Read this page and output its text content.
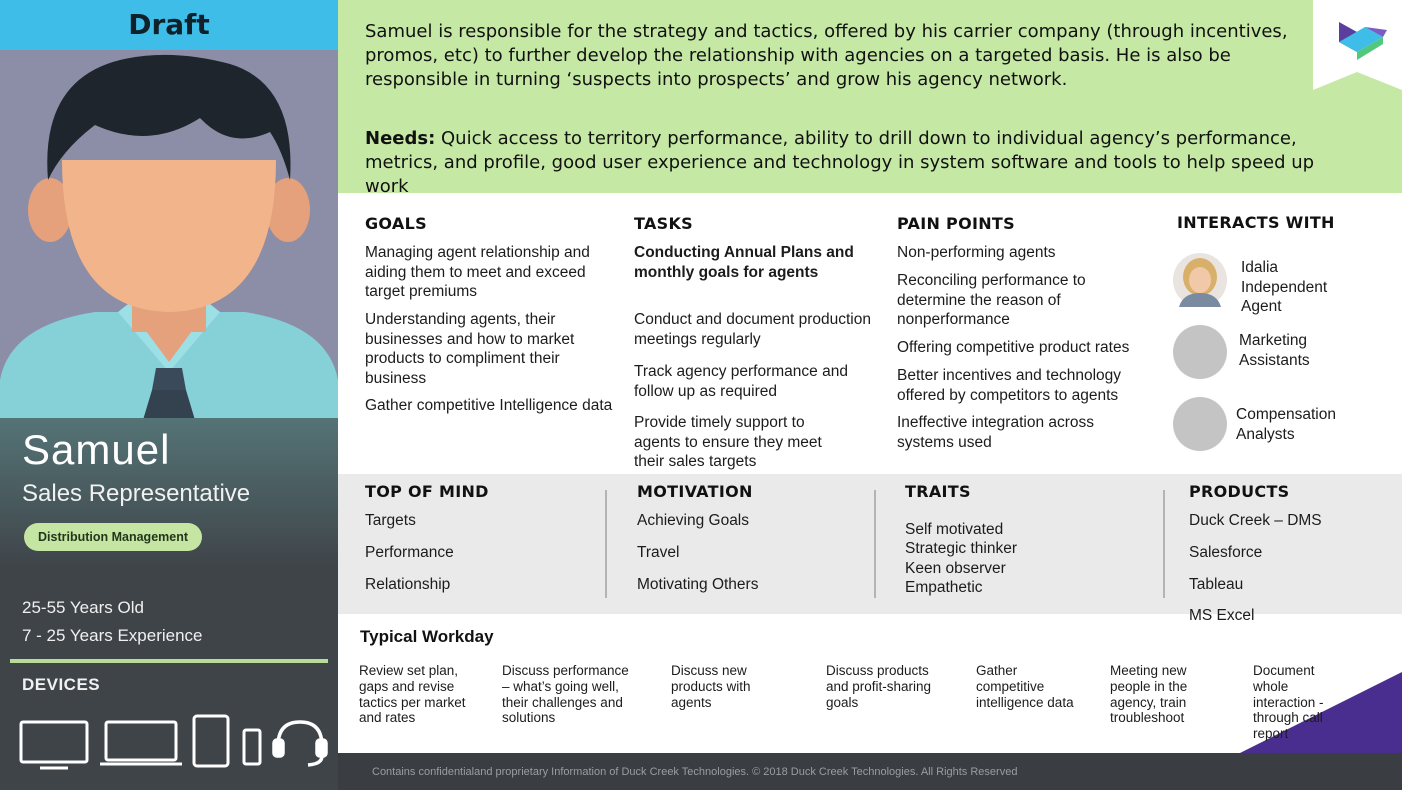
Draft
Samuel
Sales Representative
Distribution Management
25-55 Years Old
7 - 25 Years Experience
DEVICES
Samuel is responsible for the strategy and tactics, offered by his carrier company (through incentives, promos, etc) to further develop the relationship with agencies on a targeted basis. He is also be responsible in turning ‘suspects into prospects’ and grow his agency network.
Needs: Quick access to territory performance, ability to drill down to individual agency’s performance, metrics, and profile, good user experience and technology in system software and tools to help speed up work
GOALS
Managing agent relationship and aiding them to meet and exceed target premiums
Understanding agents, their businesses and how to market products to compliment their business
Gather competitive Intelligence data
TASKS
Conducting Annual Plans and monthly goals for agents
Conduct and document production meetings regularly
Track agency performance and follow up as required
Provide timely support to agents to ensure they meet their sales targets
PAIN POINTS
Non-performing agents
Reconciling performance to determine the reason of nonperformance
Offering competitive product rates
Better incentives and technology offered by competitors to agents
Ineffective integration across systems used
INTERACTS WITH
Idalia Independent Agent
Marketing Assistants
Compensation Analysts
TOP OF MIND
Targets
Performance
Relationship
MOTIVATION
Achieving Goals
Travel
Motivating Others
TRAITS
Self motivated
Strategic thinker
Keen observer
Empathetic
PRODUCTS
Duck Creek – DMS
Salesforce
Tableau
MS Excel
Typical Workday
Review set plan, gaps and revise tactics per market and rates
Discuss performance – what’s going well, their challenges and solutions
Discuss new products with agents
Discuss products and profit-sharing goals
Gather competitive intelligence data
Meeting new people in the agency, train troubleshoot
Document whole interaction - through call report
Contains confidentialand proprietary Information of Duck Creek Technologies. © 2018 Duck Creek Technologies. All Rights Reserved
